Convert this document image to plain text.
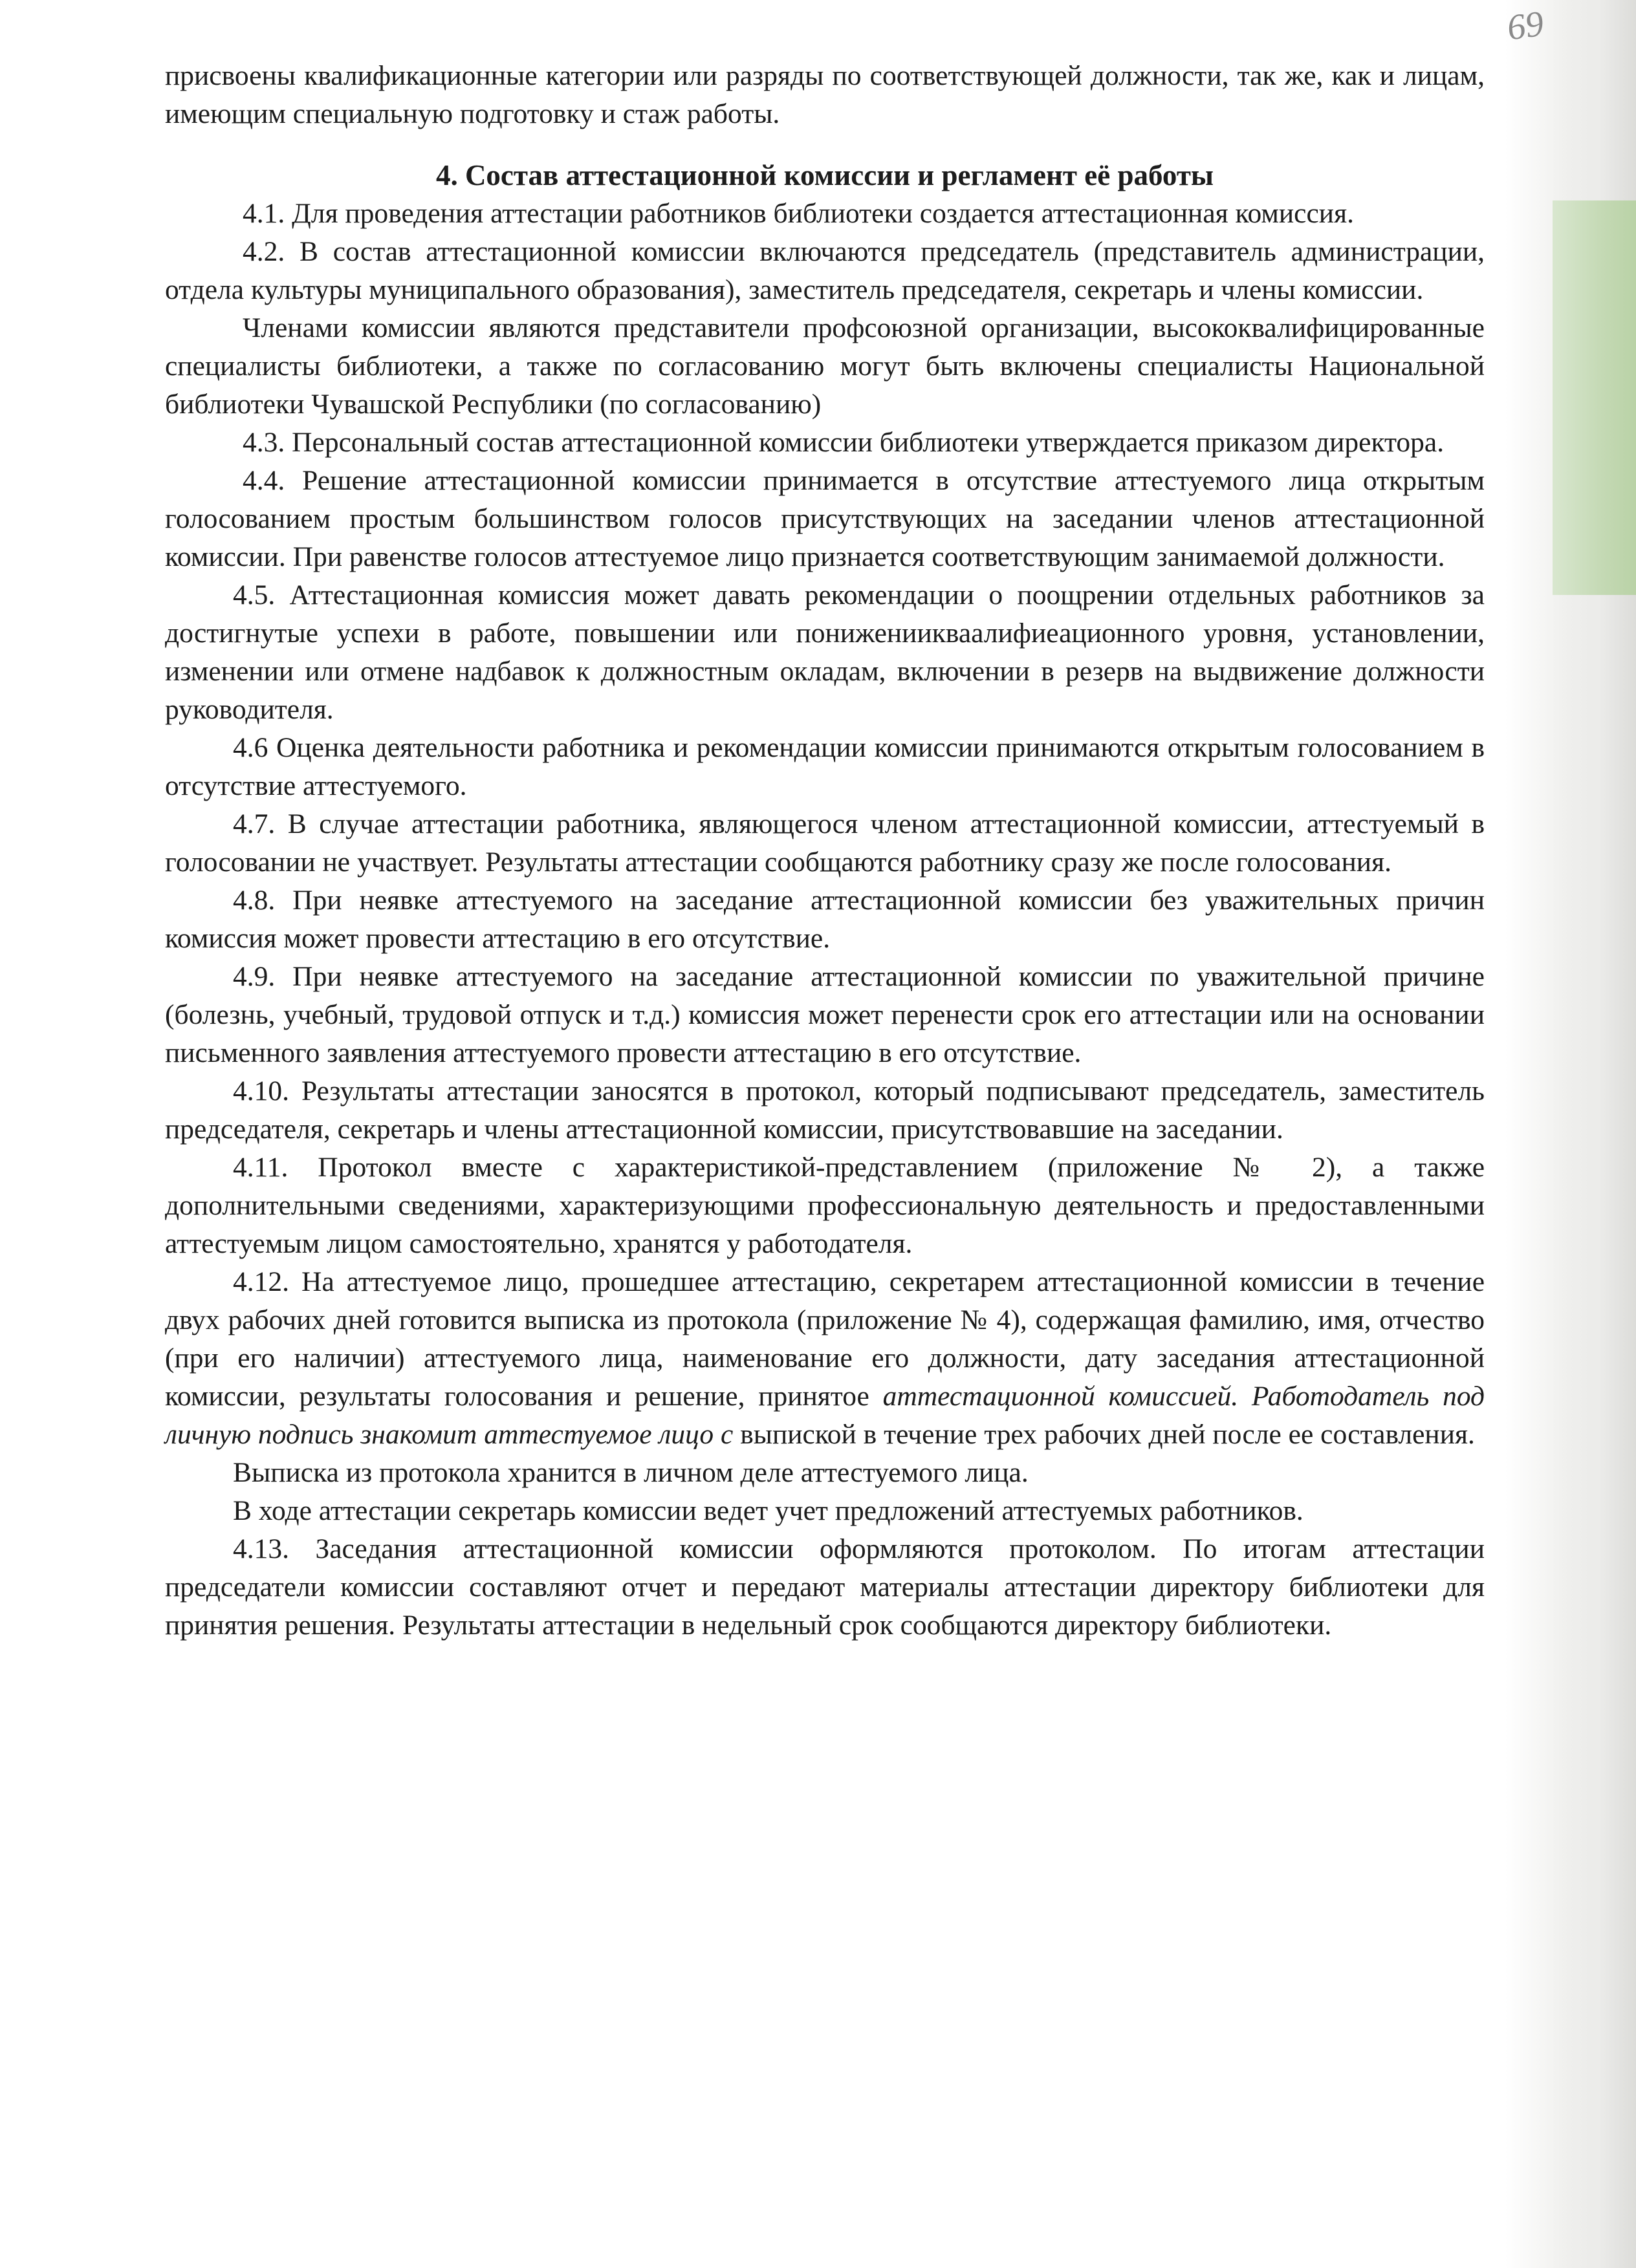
69

присвоены квалификационные категории или разряды по соответствующей должности, так же, как и лицам, имеющим специальную подготовку и стаж работы.

4. Состав аттестационной комиссии и регламент её работы

4.1. Для проведения аттестации работников библиотеки создается аттестационная комиссия.

4.2. В состав аттестационной комиссии включаются председатель (представитель администрации, отдела культуры муниципального образования), заместитель председателя, секретарь и члены комиссии.

Членами комиссии являются представители профсоюзной организации, высококвалифицированные специалисты библиотеки, а также по согласованию могут быть включены специалисты Национальной библиотеки Чувашской Республики (по согласованию)

4.3. Персональный состав аттестационной комиссии библиотеки утверждается приказом директора.

4.4. Решение аттестационной комиссии принимается в отсутствие аттестуемого лица открытым голосованием простым большинством голосов присутствующих на заседании членов аттестационной комиссии. При равенстве голосов аттестуемое лицо признается соответствующим занимаемой должности.

4.5. Аттестационная комиссия может давать рекомендации о поощрении отдельных работников за достигнутые успехи в работе, повышении или понижениикваалифиеационного уровня, установлении, изменении или отмене надбавок к должностным окладам, включении в резерв на выдвижение должности руководителя.

4.6 Оценка деятельности работника и рекомендации комиссии принимаются открытым голосованием в отсутствие аттестуемого.

4.7. В случае аттестации работника, являющегося членом аттестационной комиссии, аттестуемый в голосовании не участвует. Результаты аттестации сообщаются работнику сразу же после голосования.

4.8. При неявке аттестуемого на заседание аттестационной комиссии без уважительных причин комиссия может провести аттестацию в его отсутствие.

4.9. При неявке аттестуемого на заседание аттестационной комиссии по уважительной причине (болезнь, учебный, трудовой отпуск и т.д.) комиссия может перенести срок его аттестации или на основании письменного заявления аттестуемого провести аттестацию в его отсутствие.

4.10. Результаты аттестации заносятся в протокол, который подписывают председатель, заместитель председателя, секретарь и члены аттестационной комиссии, присутствовавшие на заседании.

4.11. Протокол вместе с характеристикой-представлением (приложение № 2), а также дополнительными сведениями, характеризующими профессиональную деятельность и предоставленными аттестуемым лицом самостоятельно, хранятся у работодателя.

4.12. На аттестуемое лицо, прошедшее аттестацию, секретарем аттестационной комиссии в течение двух рабочих дней готовится выписка из протокола (приложение № 4), содержащая фамилию, имя, отчество (при его наличии) аттестуемого лица, наименование его должности, дату заседания аттестационной комиссии, результаты голосования и решение, принятое аттестационной комиссией. Работодатель под личную подпись знакомит аттестуемое лицо с выпиской в течение трех рабочих дней после ее составления.

Выписка из протокола хранится в личном деле аттестуемого лица.

В ходе аттестации секретарь комиссии ведет учет предложений аттестуемых работников.

4.13. Заседания аттестационной комиссии оформляются протоколом. По итогам аттестации председатели комиссии составляют отчет и передают материалы аттестации директору библиотеки для принятия решения. Результаты аттестации в недельный срок сообщаются директору библиотеки.
